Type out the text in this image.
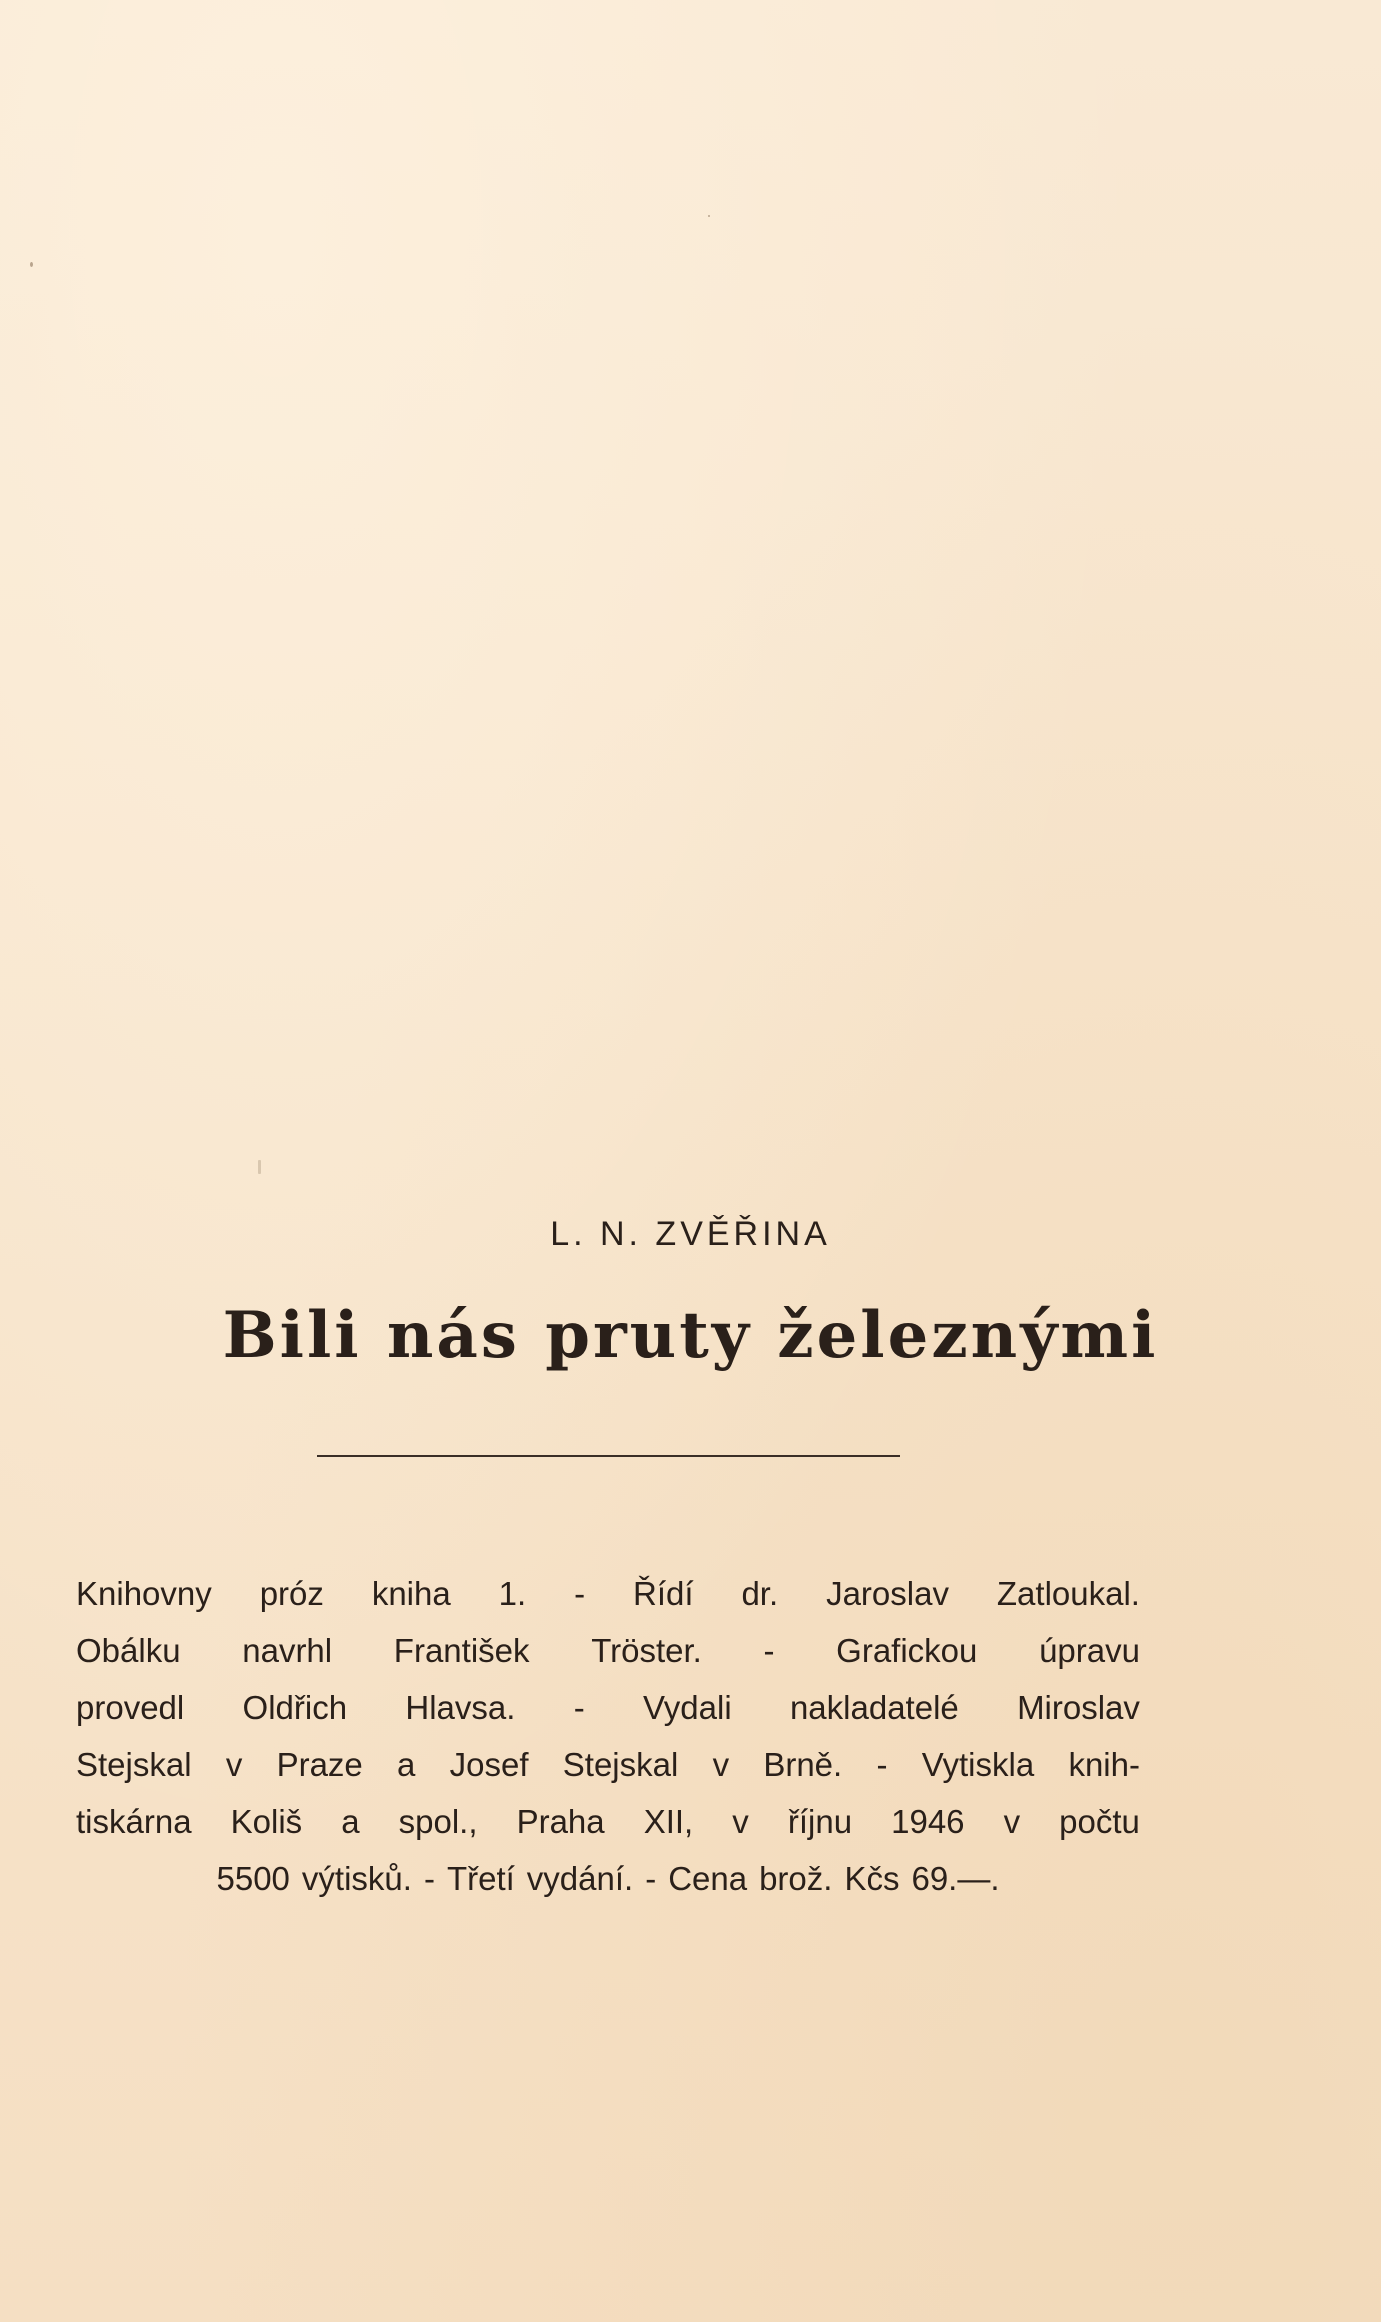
L. N. ZVĚŘINA
Bili nás pruty železnými
Knihovny próz kniha 1. - Řídí dr. Jaroslav Zatloukal.
Obálku navrhl František Tröster. - Grafickou úpravu
provedl Oldřich Hlavsa. - Vydali nakladatelé Miroslav
Stejskal v Praze a Josef Stejskal v Brně. - Vytiskla knih-
tiskárna Koliš a spol., Praha XII, v říjnu 1946 v počtu
5500 výtisků. - Třetí vydání. - Cena brož. Kčs 69.—.
